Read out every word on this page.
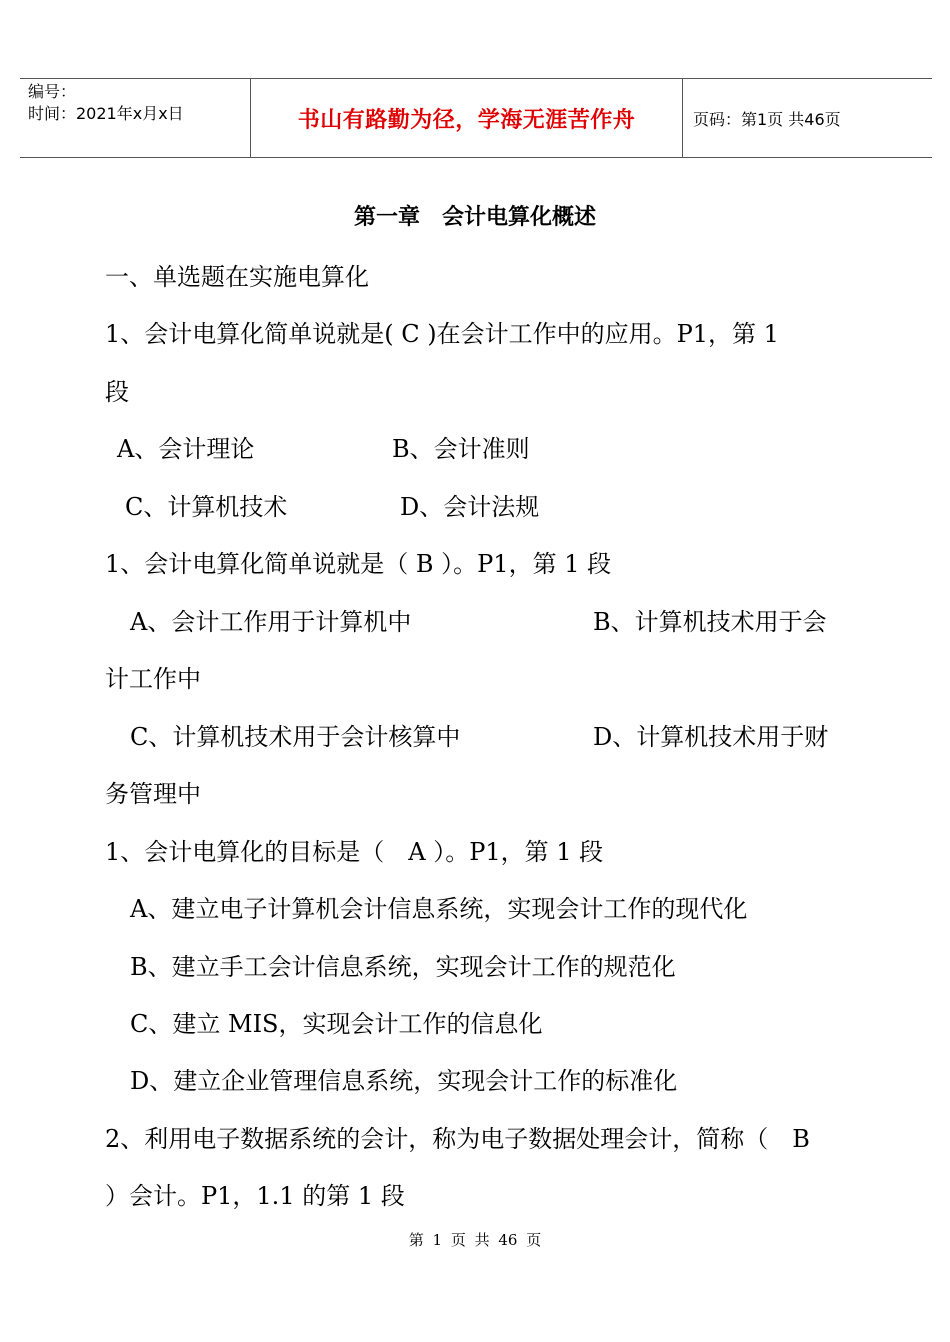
编号：
时间：2021年x月x日	书山有路勤为径，学海无涯苦作舟	页码：第1页 共46页
第一章　会计电算化概述
一、单选题在实施电算化
1、会计电算化简单说就是( C )在会计工作中的应用。P1，第 1
段
A、会计理论	B、会计准则
C、计算机技术	D、会计法规
1、会计电算化简单说就是（ B ）。P1，第 1 段
A、会计工作用于计算机中	B、计算机技术用于会
计工作中
C、计算机技术用于会计核算中	D、计算机技术用于财
务管理中
1、会计电算化的目标是（　A ）。P1，第 1 段
A、建立电子计算机会计信息系统，实现会计工作的现代化
B、建立手工会计信息系统，实现会计工作的规范化
C、建立 MIS，实现会计工作的信息化
D、建立企业管理信息系统，实现会计工作的标准化
2、利用电子数据系统的会计，称为电子数据处理会计，简称（　B
）会计。P1，1.1 的第 1 段
第 1 页 共 46 页
